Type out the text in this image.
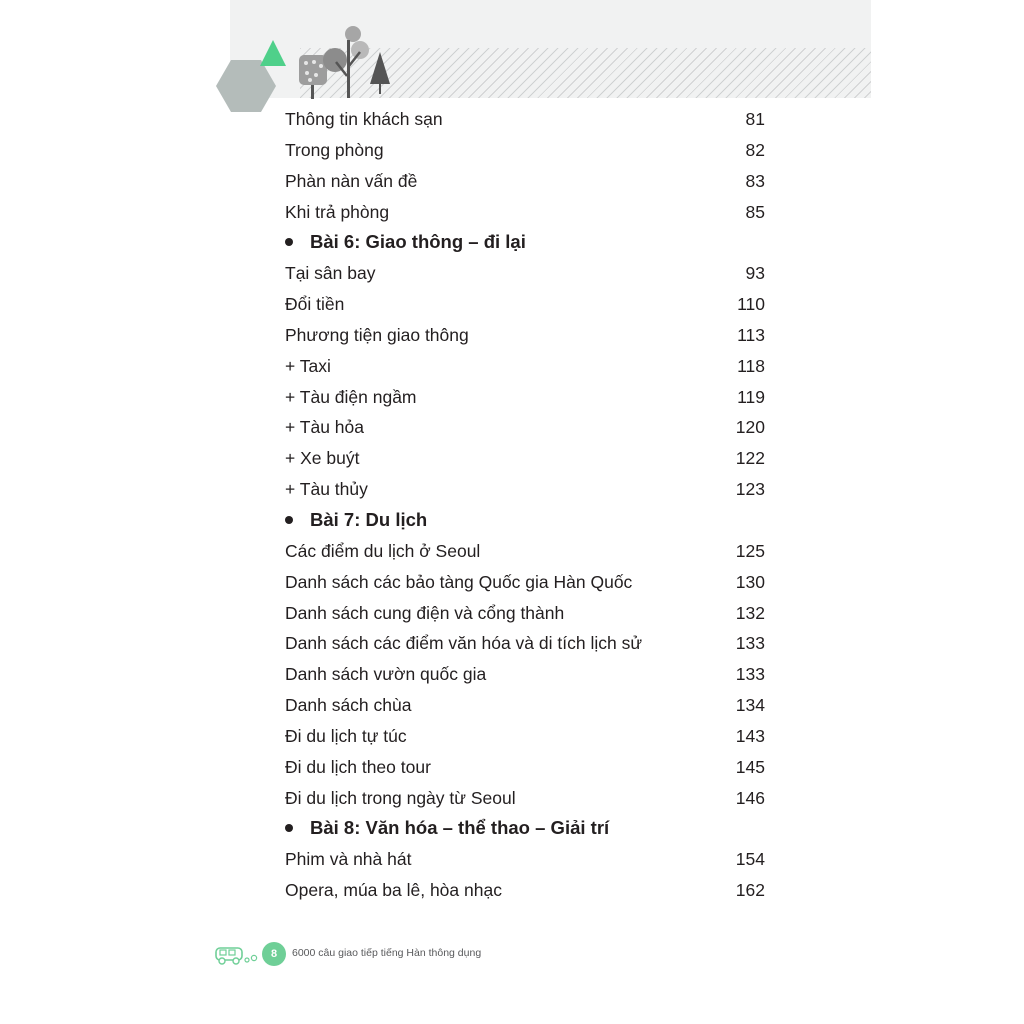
Thông tin khách sạn	81
Trong phòng	82
Phàn nàn vấn đề	83
Khi trả phòng	85
Bài 6: Giao thông – đi lại
Tại sân bay	93
Đổi tiền	110
Phương tiện giao thông	113
+ Taxi	118
+ Tàu điện ngầm	119
+ Tàu hỏa	120
+ Xe buýt	122
+ Tàu thủy	123
Bài 7: Du lịch
Các điểm du lịch ở Seoul	125
Danh sách các bảo tàng Quốc gia Hàn Quốc	130
Danh sách cung điện và cổng thành	132
Danh sách các điểm văn hóa và di tích lịch sử	133
Danh sách vườn quốc gia	133
Danh sách chùa	134
Đi du lịch tự túc	143
Đi du lịch theo tour	145
Đi du lịch trong ngày từ Seoul	146
Bài 8: Văn hóa – thể thao – Giải trí
Phim và nhà hát	154
Opera, múa ba lê, hòa nhạc	162
8	6000 câu giao tiếp tiếng Hàn thông dụng
